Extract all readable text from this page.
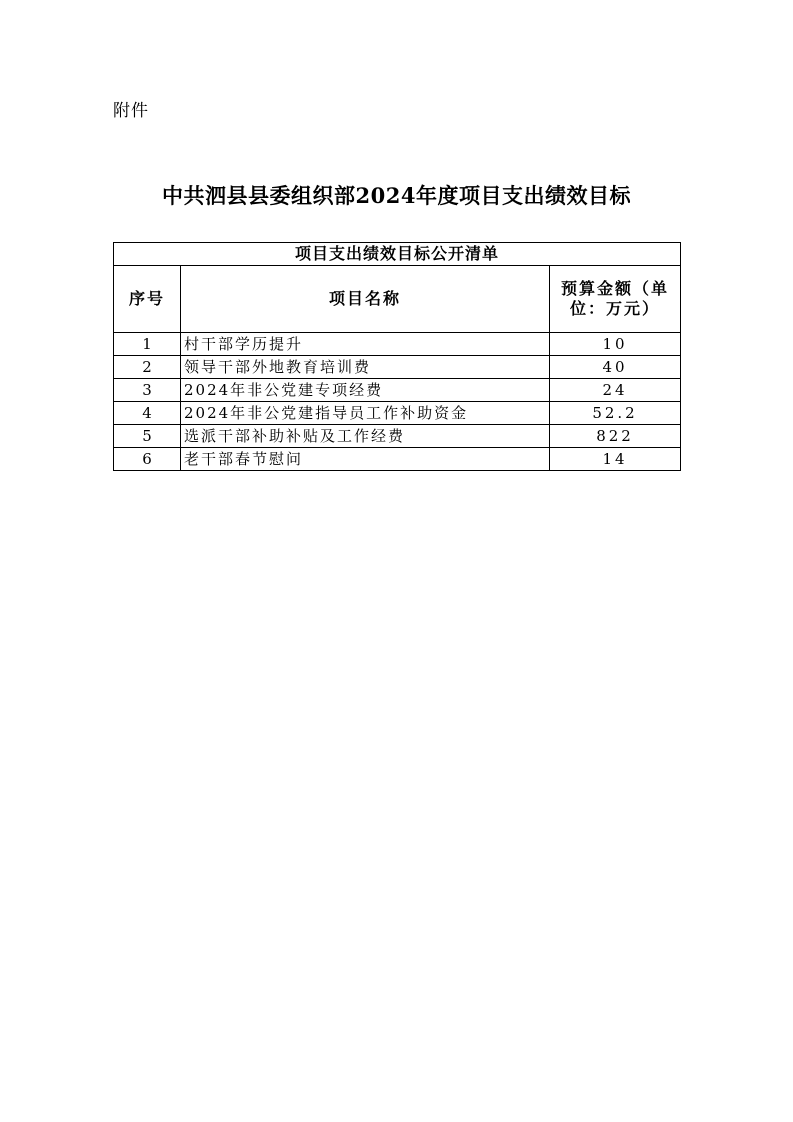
附件
中共泗县县委组织部2024年度项目支出绩效目标
项目支出绩效目标公开清单		
序号	项目名称	预算金额（单位：万元）
1	村干部学历提升	10
2	领导干部外地教育培训费	40
3	2024年非公党建专项经费	24
4	2024年非公党建指导员工作补助资金	52.2
5	选派干部补助补贴及工作经费	822
6	老干部春节慰问	14
